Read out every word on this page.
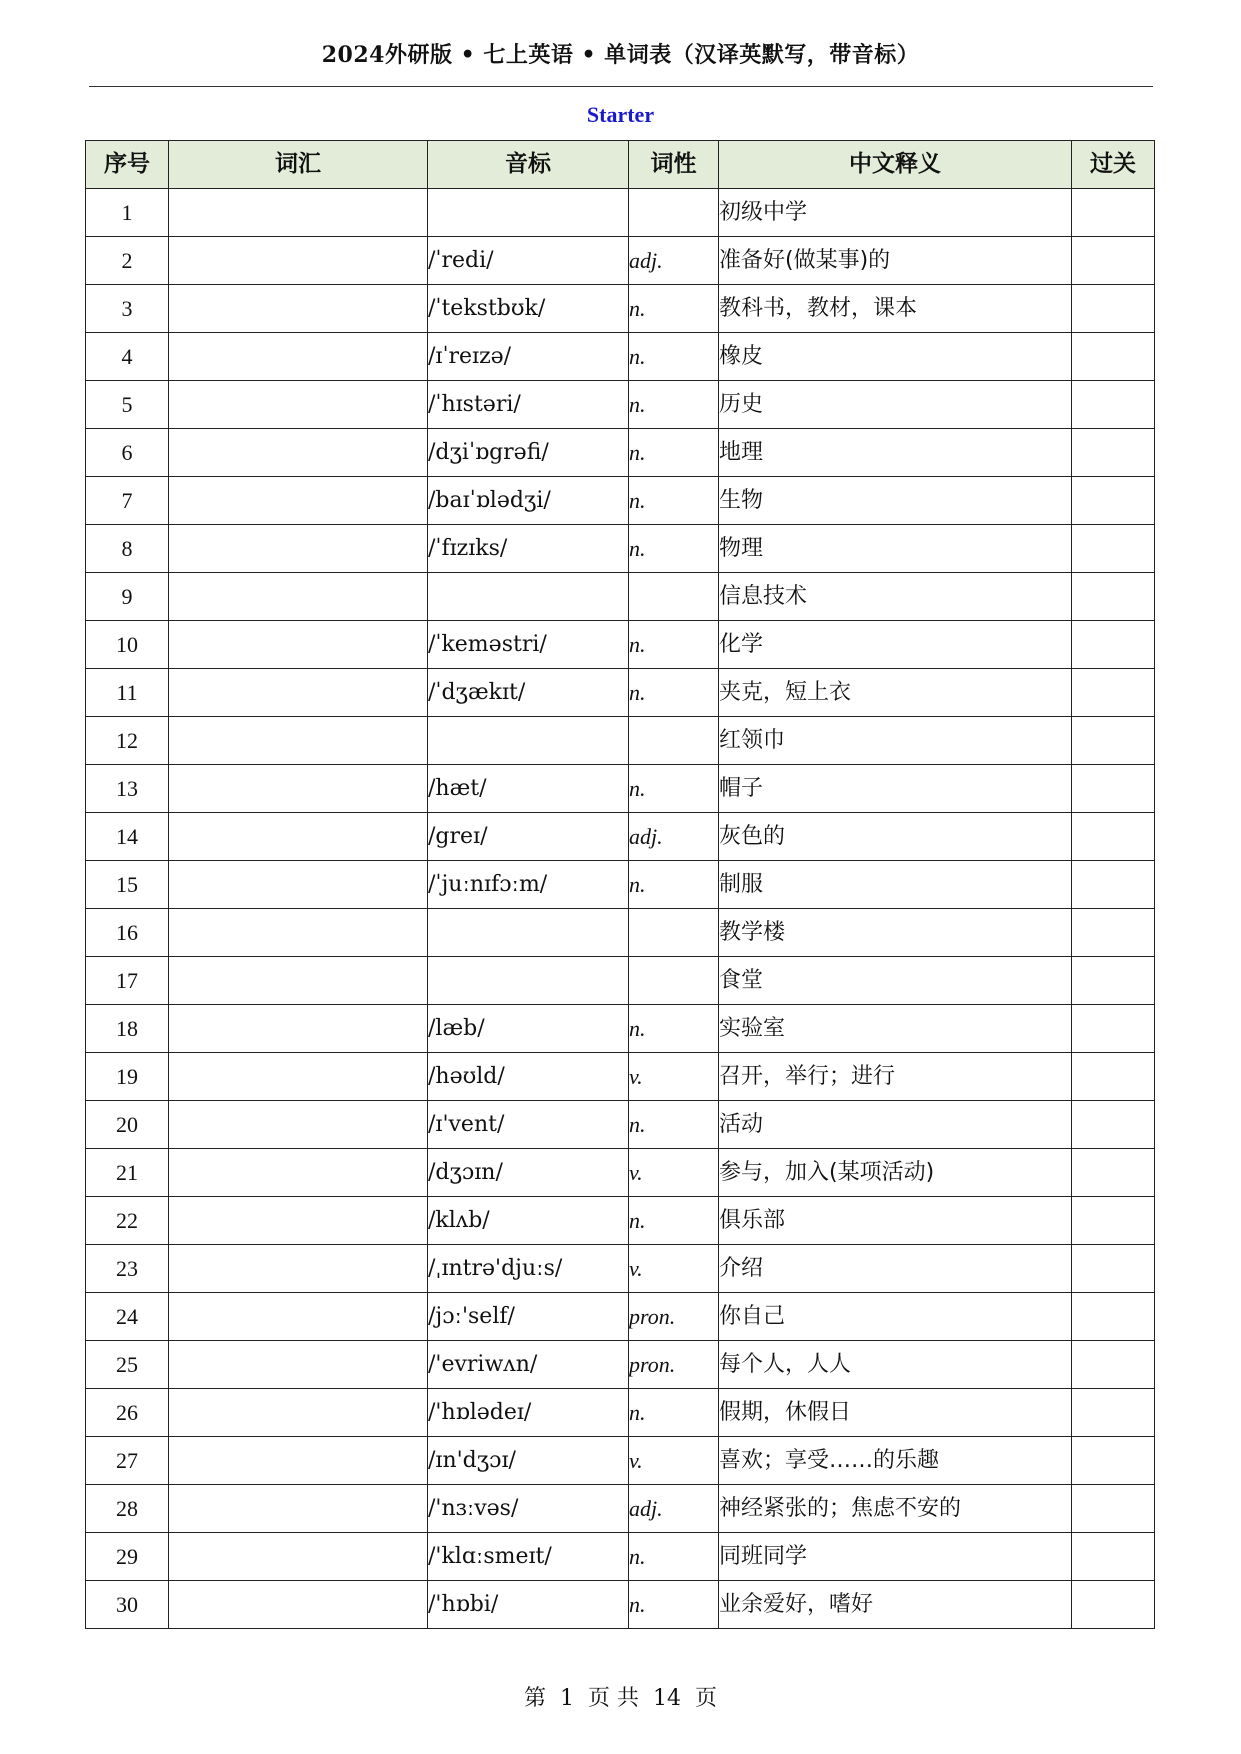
2024外研版 • 七上英语 • 单词表（汉译英默写，带音标）
Starter
序号	词汇	音标	词性	中文释义	过关
1				初级中学	
2		/ˈredi/	adj.	准备好(做某事)的	
3		/ˈtekstbʊk/	n.	教科书，教材，课本	
4		/ɪˈreɪzə/	n.	橡皮	
5		/ˈhɪstəri/	n.	历史	
6		/dʒiˈɒgrəfi/	n.	地理	
7		/baɪˈɒlədʒi/	n.	生物	
8		/ˈfɪzɪks/	n.	物理	
9				信息技术	
10		/ˈkeməstri/	n.	化学	
11		/ˈdʒækɪt/	n.	夹克，短上衣	
12				红领巾	
13		/hæt/	n.	帽子	
14		/greɪ/	adj.	灰色的	
15		/ˈjuːnɪfɔːm/	n.	制服	
16				教学楼	
17				食堂	
18		/læb/	n.	实验室	
19		/həʊld/	v.	召开，举行；进行	
20		/ɪ'vent/	n.	活动	
21		/dʒɔɪn/	v.	参与，加入(某项活动)	
22		/klʌb/	n.	俱乐部	
23		/ˌɪntrə'djuːs/	v.	介绍	
24		/jɔː'self/	pron.	你自己	
25		/'evriwʌn/	pron.	每个人，人人	
26		/'hɒlədeɪ/	n.	假期，休假日	
27		/ɪn'dʒɔɪ/	v.	喜欢；享受……的乐趣	
28		/'nɜːvəs/	adj.	神经紧张的；焦虑不安的	
29		/'klɑːsmeɪt/	n.	同班同学	
30		/'hɒbi/	n.	业余爱好，嗜好	
第 1 页 共 14 页
